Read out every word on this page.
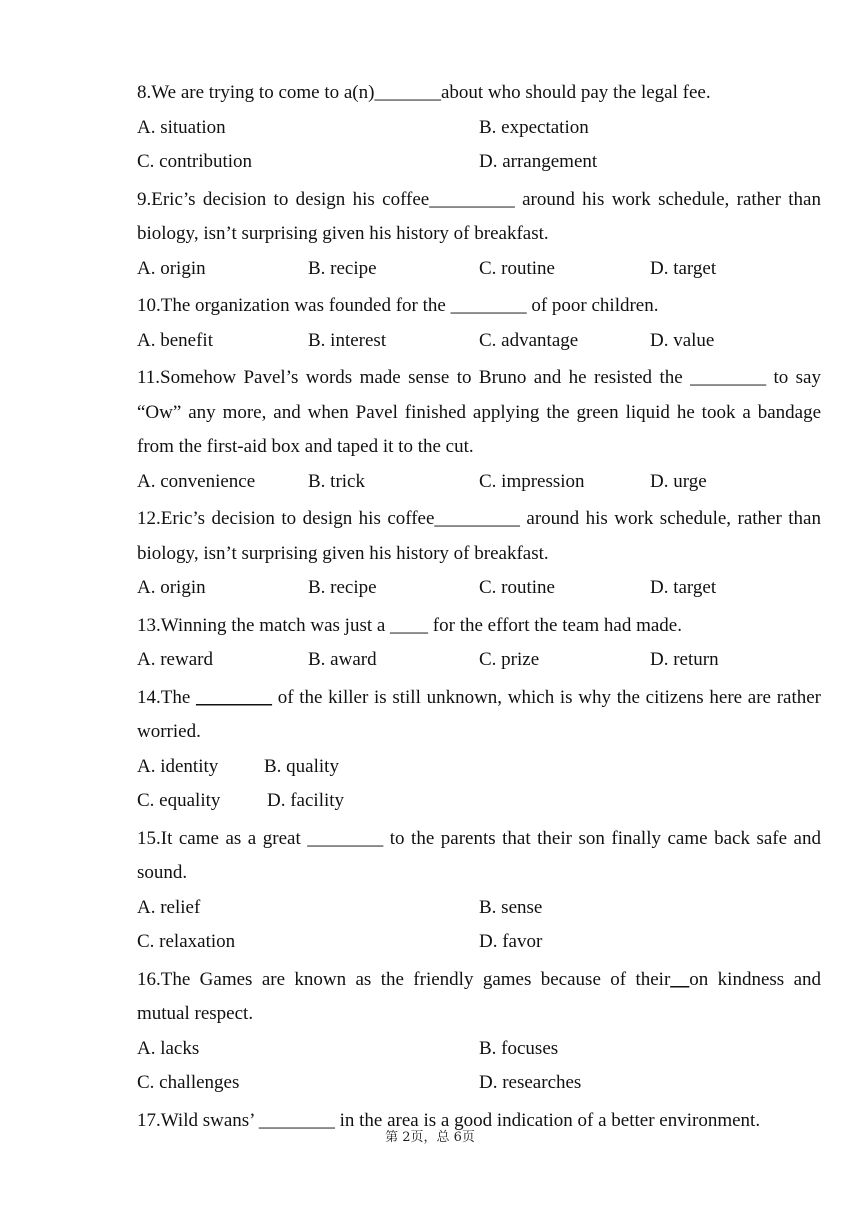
8.We are trying to come to a(n)_______about who should pay the legal fee.

A. situation	B. expectation
C. contribution	D. arrangement

9.Eric’s decision to design his coffee_________ around his work schedule, rather than biology, isn’t surprising given his history of breakfast.

A. origin	B. recipe	C. routine	D. target

10.The organization was founded for the ________ of poor children.

A. benefit	B. interest	C. advantage	D. value

11.Somehow Pavel’s words made sense to Bruno and he resisted the ________ to say “Ow” any more, and when Pavel finished applying the green liquid he took a bandage from the first-aid box and taped it to the cut.

A. convenience	B. trick	C. impression	D. urge

12.Eric’s decision to design his coffee_________ around his work schedule, rather than biology, isn’t surprising given his history of breakfast.

A. origin	B. recipe	C. routine	D. target

13.Winning the match was just a ____ for the effort the team had made.

A. reward	B. award	C. prize	D. return

14.The ________ of the killer is still unknown, which is why the citizens here are rather worried.

A. identity	B. quality
C. equality	D. facility

15.It came as a great ________ to the parents that their son finally came back safe and sound.

A. relief	B. sense
C. relaxation	D. favor

16.The Games are known as the friendly games because of their__on kindness and mutual respect.

A. lacks	B. focuses
C. challenges	D. researches

17.Wild swans’ ________ in the area is a good indication of a better environment.

第 2页，总 6页
